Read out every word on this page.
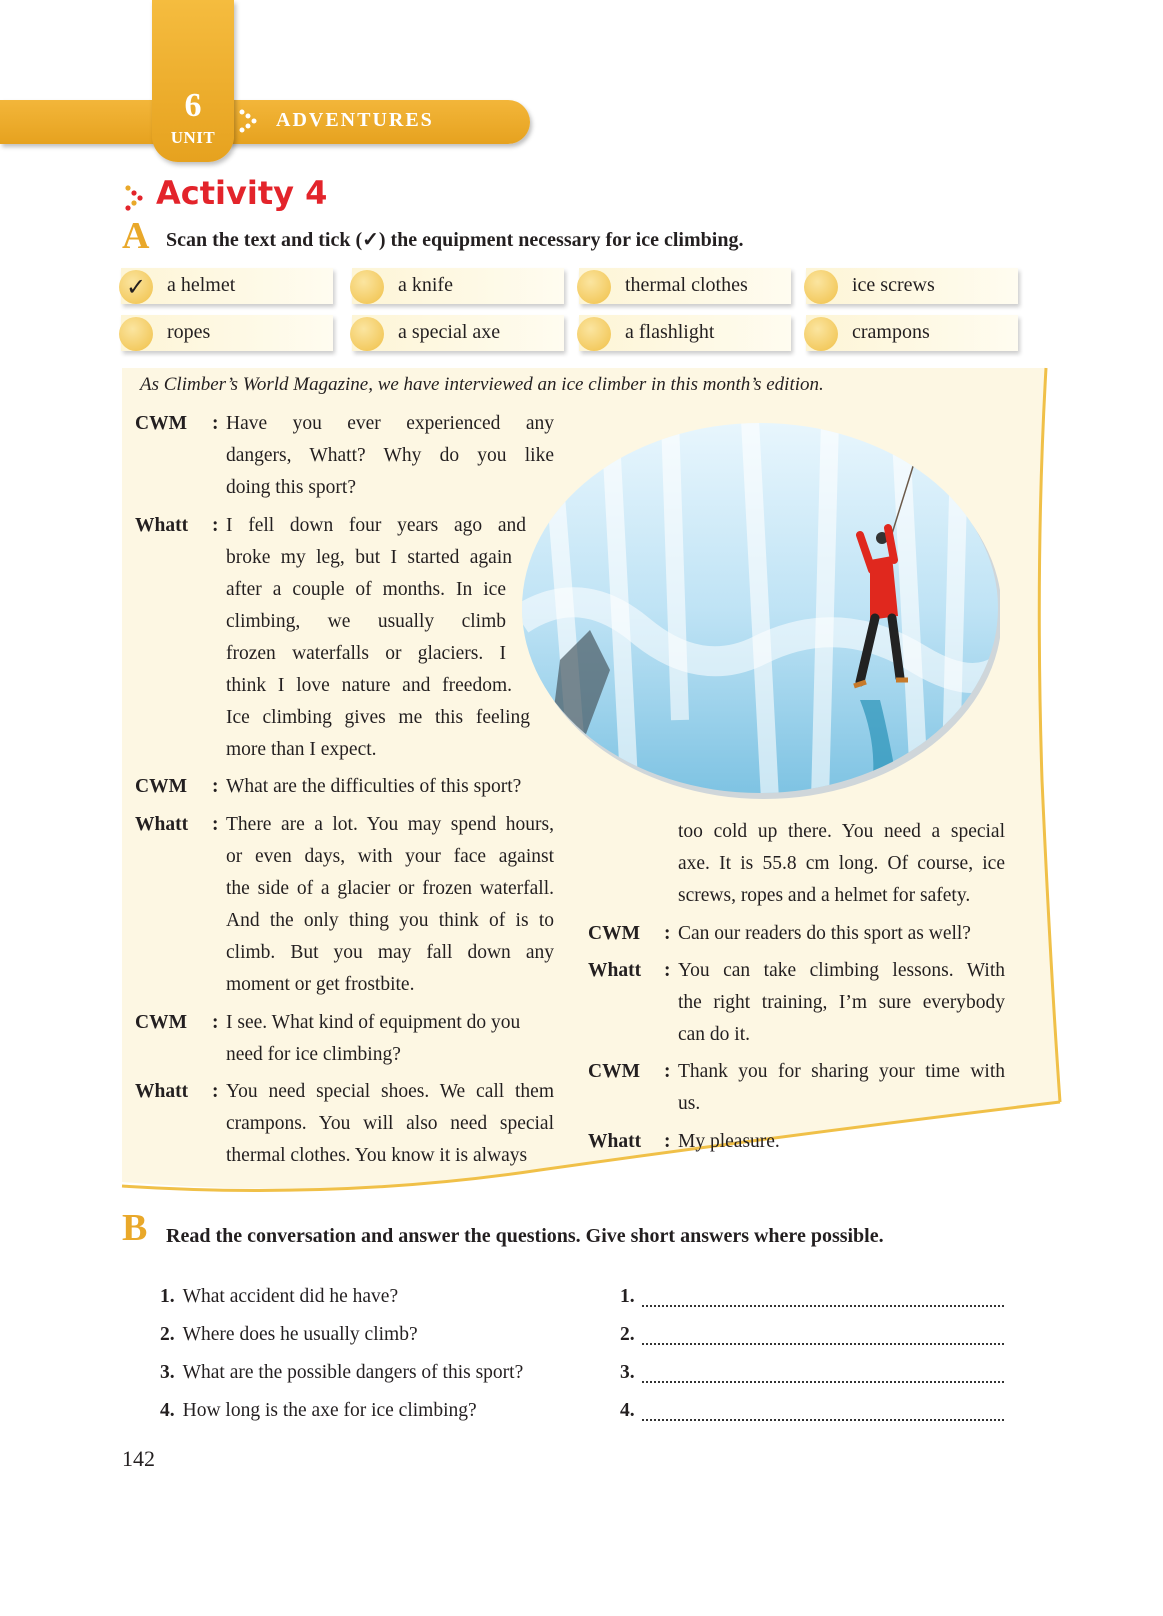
6
UNIT
ADVENTURES
Activity 4
A Scan the text and tick (✓) the equipment necessary for ice climbing.
✓	a helmet	a knife	thermal clothes	ice screws
ropes	a special axe	a flashlight	crampons
As Climber’s World Magazine, we have interviewed an ice climber in this month’s edition.
CWM : Have you ever experienced any
dangers, Whatt? Why do you like
doing this sport?
Whatt : I fell down four years ago and
broke my leg, but I started again
after a couple of months. In ice
climbing, we usually climb
frozen waterfalls or glaciers. I
think I love nature and freedom.
Ice climbing gives me this feeling
more than I expect.
CWM : What are the difficulties of this sport?
Whatt : There are a lot. You may spend hours,
or even days, with your face against
the side of a glacier or frozen waterfall.
And the only thing you think of is to
climb. But you may fall down any
moment or get frostbite.
CWM : I see. What kind of equipment do you
need for ice climbing?
Whatt : You need special shoes. We call them
crampons. You will also need special
thermal clothes. You know it is always
too cold up there. You need a special
axe. It is 55.8 cm long. Of course, ice
screws, ropes and a helmet for safety.
CWM : Can our readers do this sport as well?
Whatt : You can take climbing lessons. With
the right training, I’m sure everybody
can do it.
CWM : Thank you for sharing your time with
us.
Whatt : My pleasure.
B Read the conversation and answer the questions. Give short answers where possible.
1. What accident did he have?	1.
2. Where does he usually climb?	2.
3. What are the possible dangers of this sport?	3.
4. How long is the axe for ice climbing?	4.
142
